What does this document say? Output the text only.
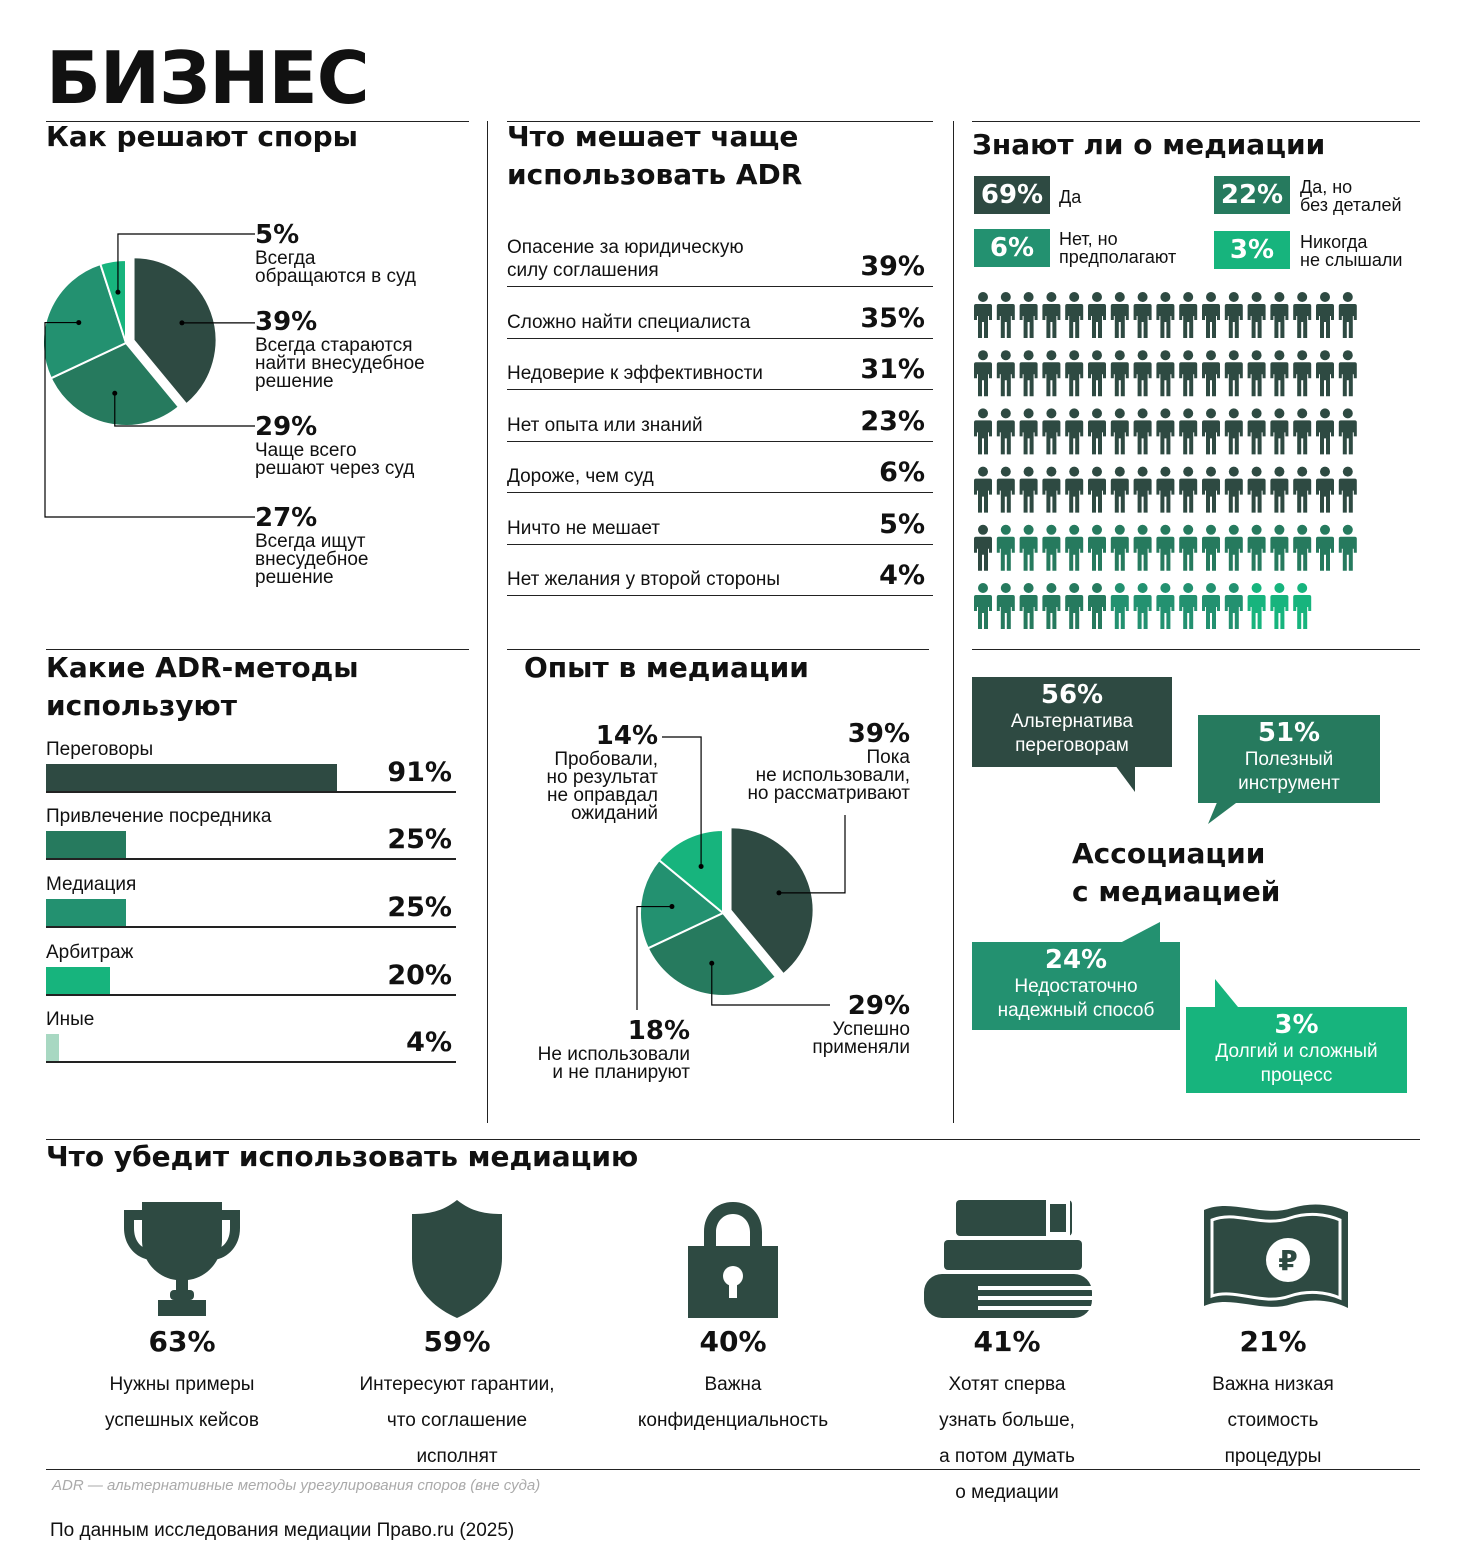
БИЗНЕС
Как решают споры
5%
Всегда
обращаются в суд
39%
Всегда стараются
найти внесудебное
решение
29%
Чаще всего
решают через суд
27%
Всегда ищут
внесудебное
решение
Что мешает чаще
использовать ADR
Опасение за юридическую
силу соглашения	39%
Сложно найти специалиста	35%
Недоверие к эффективности	31%
Нет опыта или знаний	23%
Дороже, чем суд	6%
Ничто не мешает	5%
Нет желания у второй стороны	4%
Знают ли о медиации
69% Да	22% Да, но
без деталей
6%	Нет, но
предполагают	3%	Никогда
не слышали
Какие ADR-методы
используют
Переговоры
91%
Привлечение посредника
25%
Медиация
25%
Арбитраж
20%
Иные
4%
Опыт в медиации
39%
Пока
не использовали,
но рассматривают
29%
Успешно
применяли
18%
Не использовали
и не планируют
14%
Пробовали,
но результат
не оправдал
ожиданий
56%
Альтернатива
переговорам	51%
Полезный
инструмент
Ассоциации
с медиацией
24%
Недостаточно
надежный способ	3%
Долгий и сложный
процесс
Что убедит использовать медиацию
₽
63%
Нужны примеры
успешных кейсов
59%
Интересуют гарантии,
что соглашение
исполнят
40%
Важна
конфиденциальность
41%
Хотят сперва
узнать больше,
а потом думать
о медиации
21%
Важна низкая
стоимость
процедуры
ADR — альтернативные методы урегулирования споров (вне суда)
По данным исследования медиации Право.ru (2025)
